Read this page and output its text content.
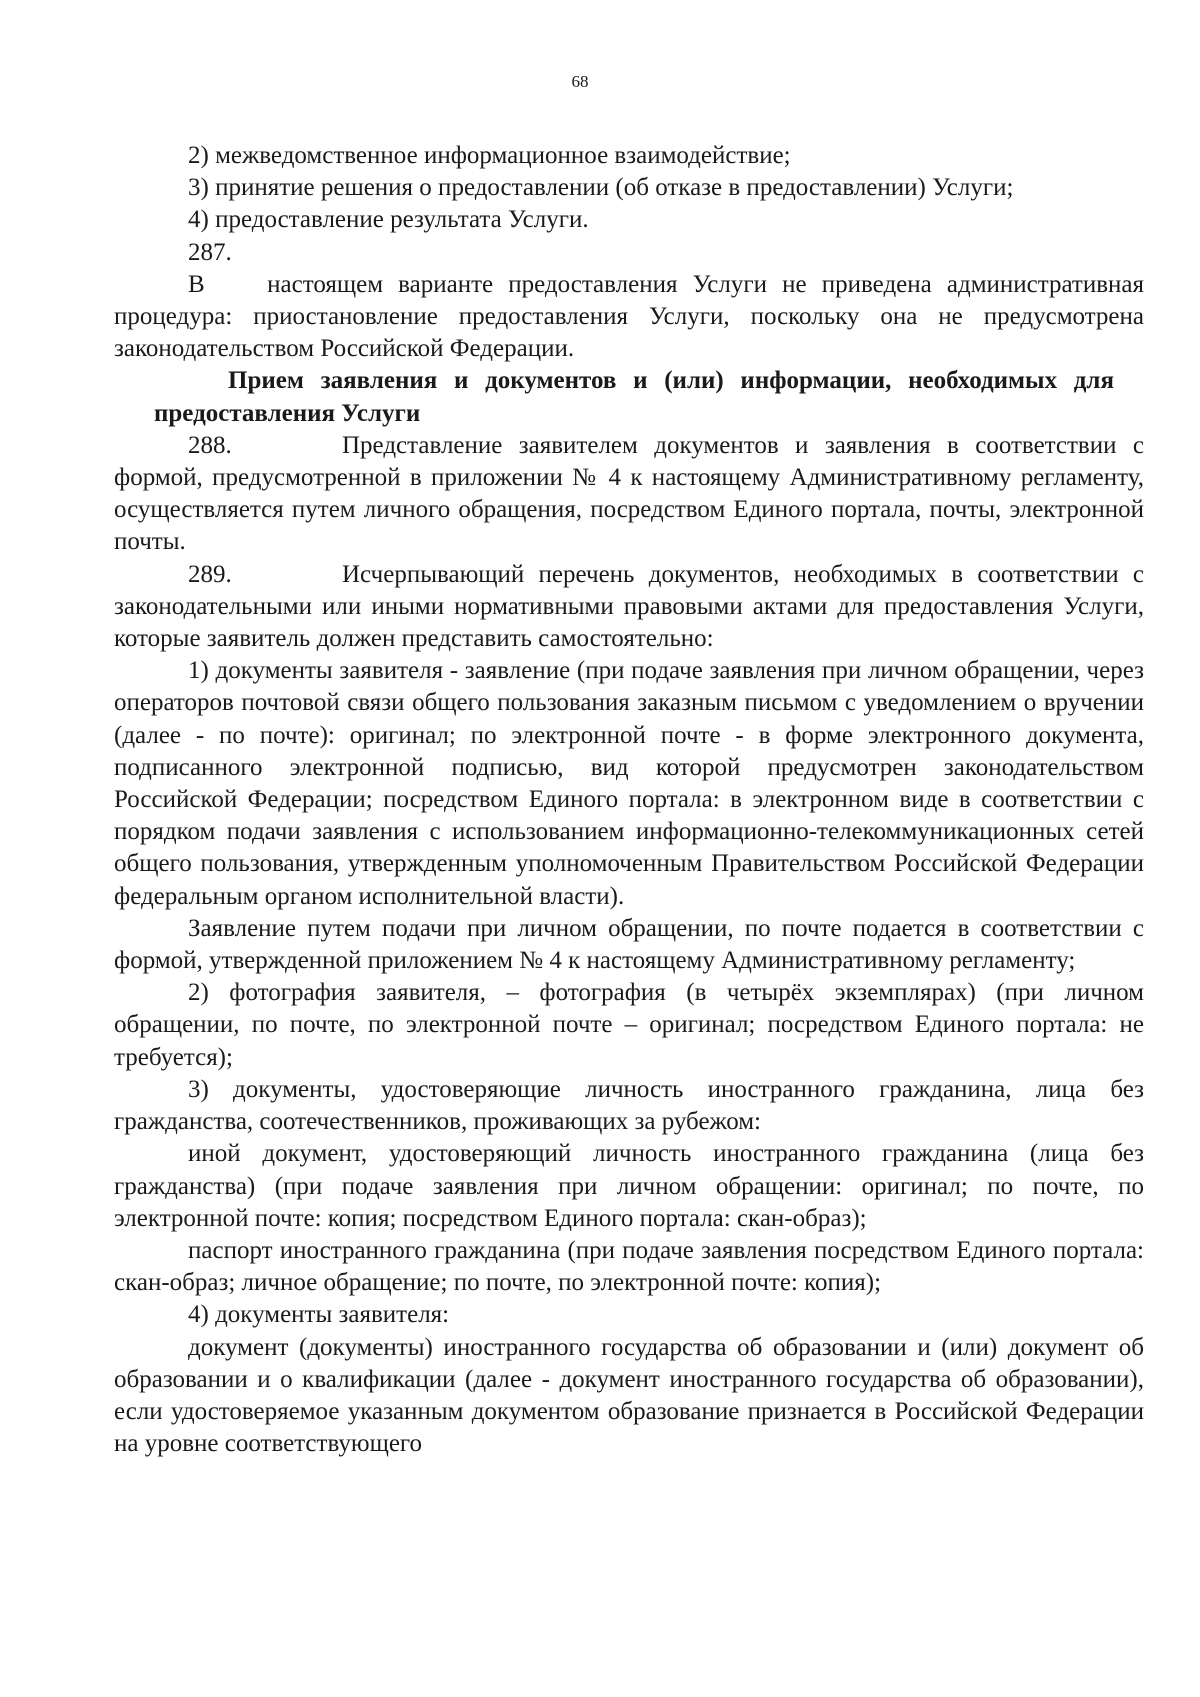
68

2) межведомственное информационное взаимодействие;

3) принятие решения о предоставлении (об отказе в предоставлении) Услуги;

4) предоставление результата Услуги.

287. В настоящем варианте предоставления Услуги не приведена административная процедура: приостановление предоставления Услуги, поскольку она не предусмотрена законодательством Российской Федерации.

Прием заявления и документов и (или) информации, необходимых для предоставления Услуги

288.	Представление заявителем документов и заявления в соответствии с формой, предусмотренной в приложении № 4 к настоящему Административному регламенту, осуществляется путем личного обращения, посредством Единого портала, почты, электронной почты.

289.	Исчерпывающий перечень документов, необходимых в соответствии с законодательными или иными нормативными правовыми актами для предоставления Услуги, которые заявитель должен представить самостоятельно:

1) документы заявителя - заявление (при подаче заявления при личном обращении, через операторов почтовой связи общего пользования заказным письмом с уведомлением о вручении (далее - по почте): оригинал; по электронной почте - в форме электронного документа, подписанного электронной подписью, вид которой предусмотрен законодательством Российской Федерации; посредством Единого портала: в электронном виде в соответствии с порядком подачи заявления с использованием информационно-телекоммуникационных сетей общего пользования, утвержденным уполномоченным Правительством Российской Федерации федеральным органом исполнительной власти).

Заявление путем подачи при личном обращении, по почте подается в соответствии с формой, утвержденной приложением № 4 к настоящему Административному регламенту;

2) фотография заявителя, – фотография (в четырёх экземплярах) (при личном обращении, по почте, по электронной почте – оригинал; посредством Единого портала: не требуется);

3) документы, удостоверяющие личность иностранного гражданина, лица без гражданства, соотечественников, проживающих за рубежом:

иной документ, удостоверяющий личность иностранного гражданина (лица без гражданства) (при подаче заявления при личном обращении: оригинал; по почте, по электронной почте: копия; посредством Единого портала: скан-образ);

паспорт иностранного гражданина (при подаче заявления посредством Единого портала: скан-образ; личное обращение; по почте, по электронной почте: копия);

4) документы заявителя:

документ (документы) иностранного государства об образовании и (или) документ об образовании и о квалификации (далее - документ иностранного государства об образовании), если удостоверяемое указанным документом образование признается в Российской Федерации на уровне соответствующего
